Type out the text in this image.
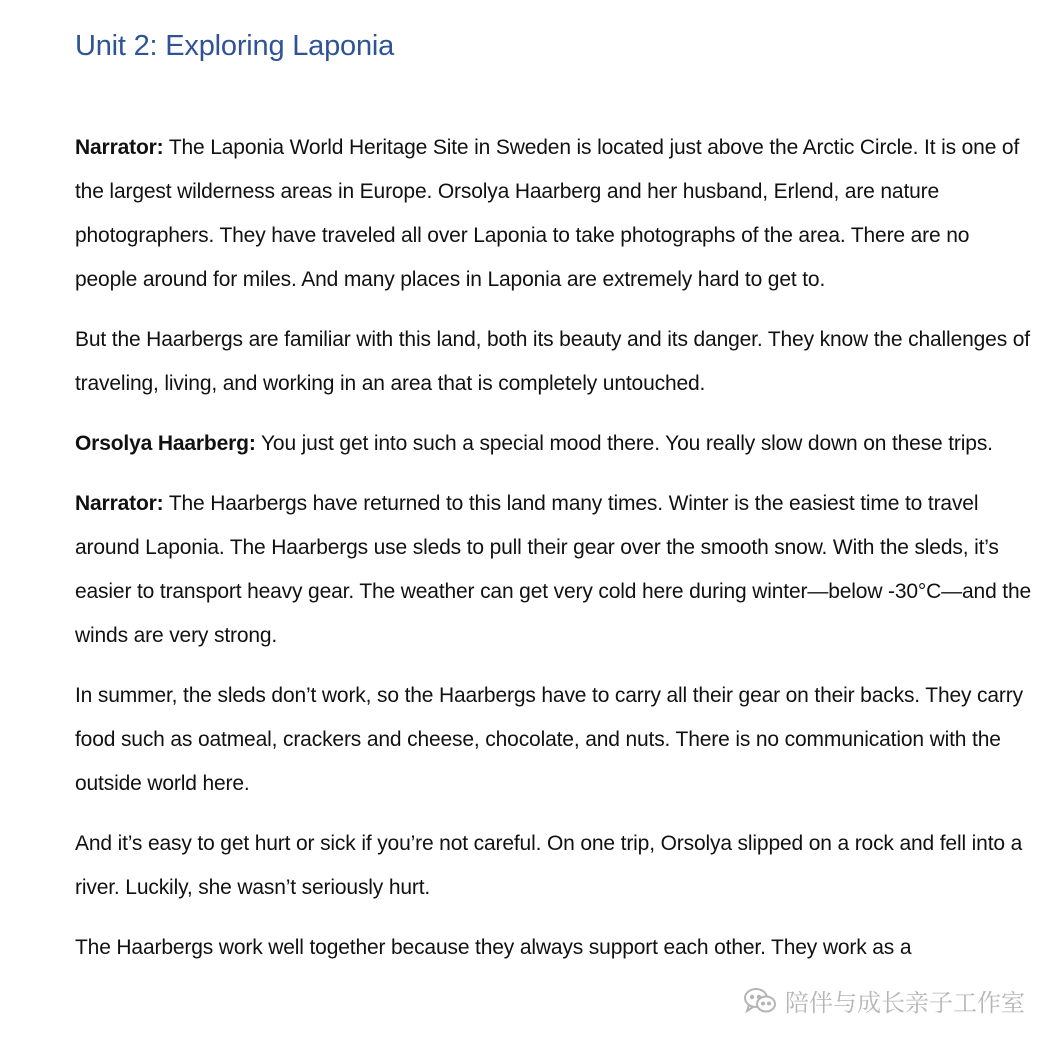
Unit 2: Exploring Laponia

Narrator: The Laponia World Heritage Site in Sweden is located just above the Arctic Circle. It is one of the largest wilderness areas in Europe. Orsolya Haarberg and her husband, Erlend, are nature photographers. They have traveled all over Laponia to take photographs of the area. There are no people around for miles. And many places in Laponia are extremely hard to get to.

But the Haarbergs are familiar with this land, both its beauty and its danger. They know the challenges of traveling, living, and working in an area that is completely untouched.

Orsolya Haarberg: You just get into such a special mood there. You really slow down on these trips.

Narrator: The Haarbergs have returned to this land many times. Winter is the easiest time to travel around Laponia. The Haarbergs use sleds to pull their gear over the smooth snow. With the sleds, it’s easier to transport heavy gear. The weather can get very cold here during winter—below -30°C—and the winds are very strong.

In summer, the sleds don’t work, so the Haarbergs have to carry all their gear on their backs. They carry food such as oatmeal, crackers and cheese, chocolate, and nuts. There is no communication with the outside world here.

And it’s easy to get hurt or sick if you’re not careful. On one trip, Orsolya slipped on a rock and fell into a river. Luckily, she wasn’t seriously hurt.

The Haarbergs work well together because they always support each other. They work as a

陪伴与成长亲子工作室
